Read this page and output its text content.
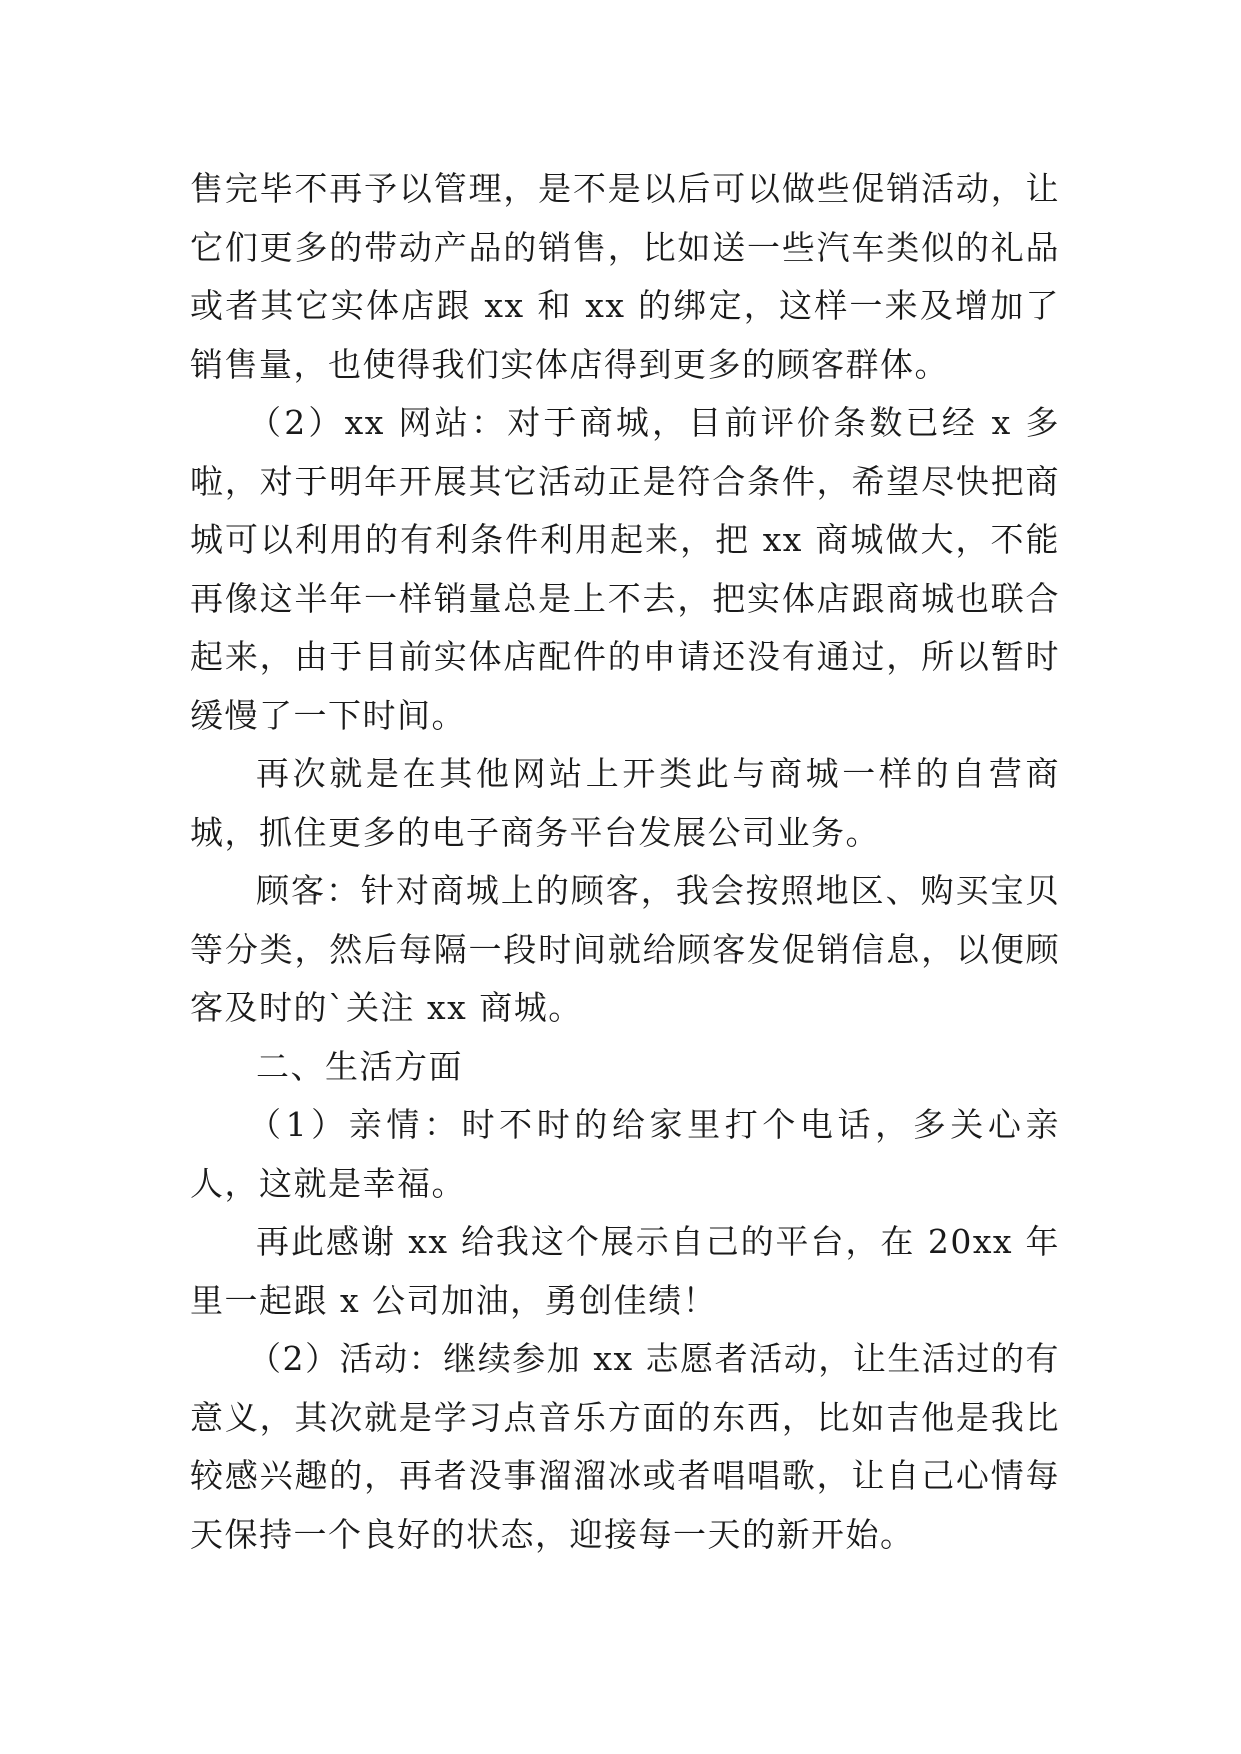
售完毕不再予以管理，是不是以后可以做些促销活动，让它们更多的带动产品的销售，比如送一些汽车类似的礼品或者其它实体店跟 xx 和 xx 的绑定，这样一来及增加了销售量，也使得我们实体店得到更多的顾客群体。

（2）xx 网站：对于商城，目前评价条数已经 x 多啦，对于明年开展其它活动正是符合条件，希望尽快把商城可以利用的有利条件利用起来，把 xx 商城做大，不能再像这半年一样销量总是上不去，把实体店跟商城也联合起来，由于目前实体店配件的申请还没有通过，所以暂时缓慢了一下时间。

再次就是在其他网站上开类此与商城一样的自营商城，抓住更多的电子商务平台发展公司业务。

顾客：针对商城上的顾客，我会按照地区、购买宝贝等分类，然后每隔一段时间就给顾客发促销信息，以便顾客及时的`关注 xx 商城。

二、生活方面

（1）亲情：时不时的给家里打个电话，多关心亲人，这就是幸福。

再此感谢 xx 给我这个展示自己的平台，在 20xx 年里一起跟 x 公司加油，勇创佳绩！

（2）活动：继续参加 xx 志愿者活动，让生活过的有意义，其次就是学习点音乐方面的东西，比如吉他是我比较感兴趣的，再者没事溜溜冰或者唱唱歌，让自己心情每天保持一个良好的状态，迎接每一天的新开始。
